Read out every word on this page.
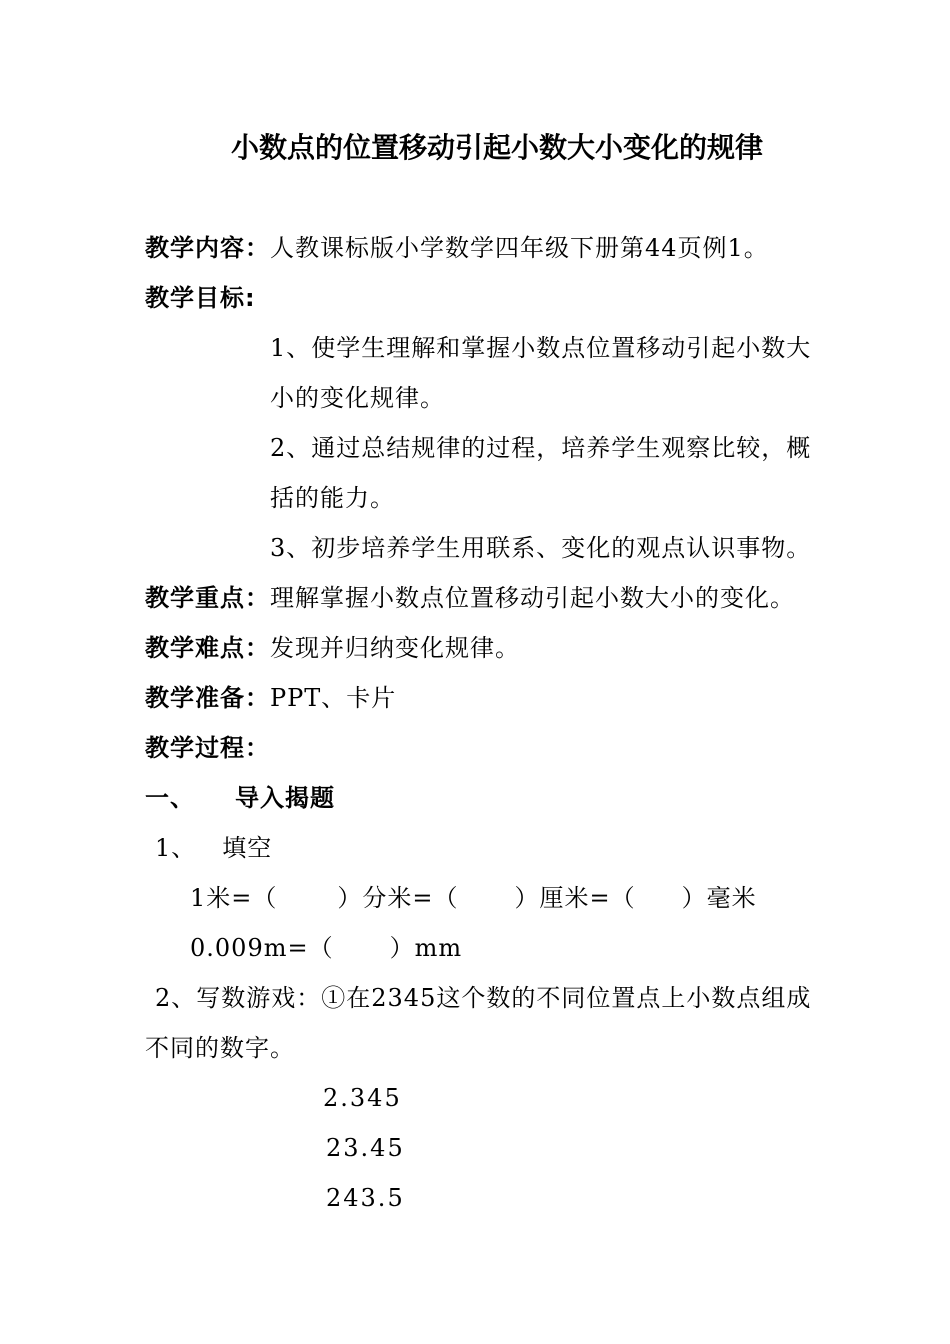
小数点的位置移动引起小数大小变化的规律
教学内容：人教课标版小学数学四年级下册第44页例1。
教学目标:
1、使学生理解和掌握小数点位置移动引起小数大
小的变化规律。
2、通过总结规律的过程，培养学生观察比较，概
括的能力。
3、初步培养学生用联系、变化的观点认识事物。
教学重点：理解掌握小数点位置移动引起小数大小的变化。
教学难点：发现并归纳变化规律。
教学准备：PPT、卡片
教学过程：
一、 导入揭题
1、 填空
1米=（	）分米=（ ）厘米=（ ）毫米
0.009m=（ ）mm
2、写数游戏：①在2345这个数的不同位置点上小数点组成
不同的数字。
2.345
23.45
243.5
